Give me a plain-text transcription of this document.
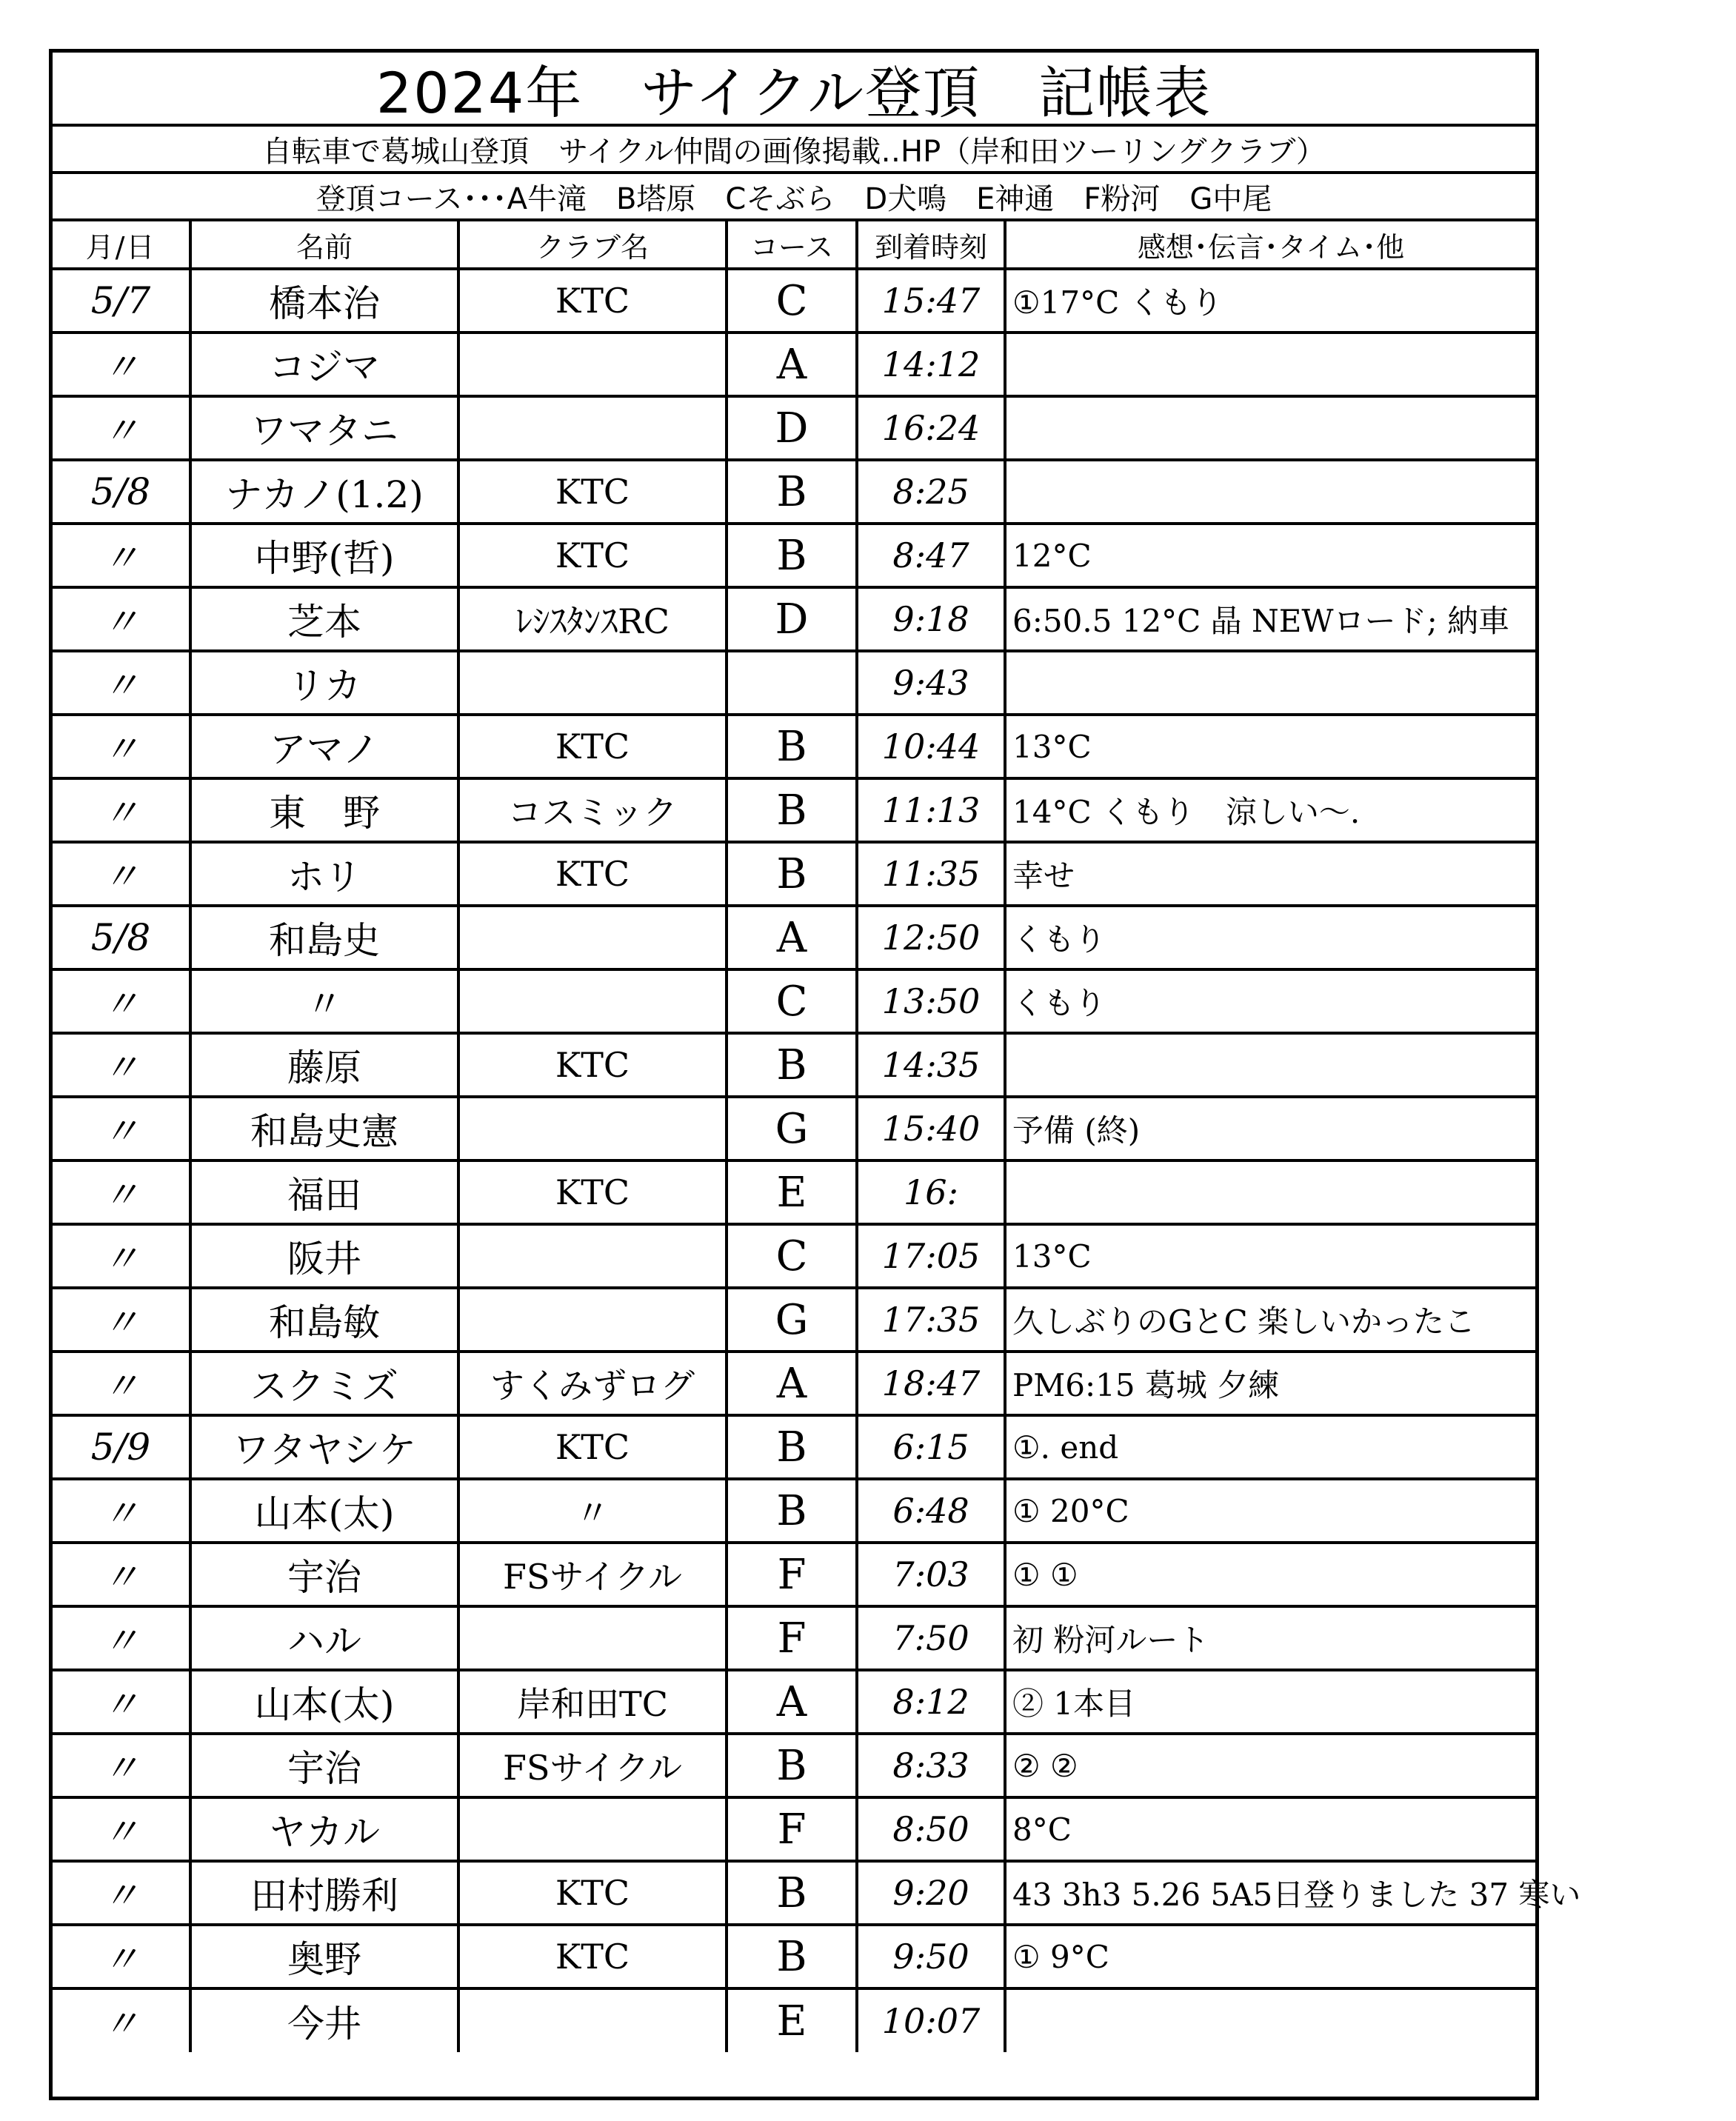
2024年　サイクル登頂　記帳表
自転車で葛城山登頂　サイクル仲間の画像掲載‥HP（岸和田ツーリングクラブ）
登頂コース･･･A牛滝　B塔原　Cそぶら　D犬鳴　E神通　F粉河　G中尾
月/日	名前	クラブ名	コース	到着時刻	感想･伝言･タイム･他
5/7	橋本治	KTC	C	15:47	①17°C くもり
〃	コジマ		A	14:12	
〃	ワマタニ		D	16:24	
5/8	ナカノ(1.2)	KTC	B	8:25	
〃	中野(哲)	KTC	B	8:47	12°C
〃	芝本	ﾚｼｽﾀﾝｽRC	D	9:18	6:50.5 12°C 晶 NEWロード; 納車
〃	リカ			9:43	
〃	アマノ	KTC	B	10:44	13°C
〃	東　野	コスミック	B	11:13	14°C くもり　涼しい～.
〃	ホリ	KTC	B	11:35	幸せ
5/8	和島史		A	12:50	くもり
〃	〃		C	13:50	くもり
〃	藤原	KTC	B	14:35	
〃	和島史憲		G	15:40	予備 (終)
〃	福田	KTC	E	16:	
〃	阪井		C	17:05	13°C
〃	和島敏		G	17:35	久しぶりのGとC 楽しいかったこ
〃	スクミズ	すくみずログ	A	18:47	PM6:15 葛城 夕練
5/9	ワタヤシケ	KTC	B	6:15	①. end
〃	山本(太)	〃	B	6:48	① 20°C
〃	宇治	FSサイクル	F	7:03	① ①
〃	ハル		F	7:50	初 粉河ルート
〃	山本(太)	岸和田TC	A	8:12	② 1本目
〃	宇治	FSサイクル	B	8:33	② ②
〃	ヤカル		F	8:50	8°C
〃	田村勝利	KTC	B	9:20	43 3h3 5.26 5A5日登りました 37 寒い
〃	奥野	KTC	B	9:50	① 9°C
〃	今井		E	10:07	
